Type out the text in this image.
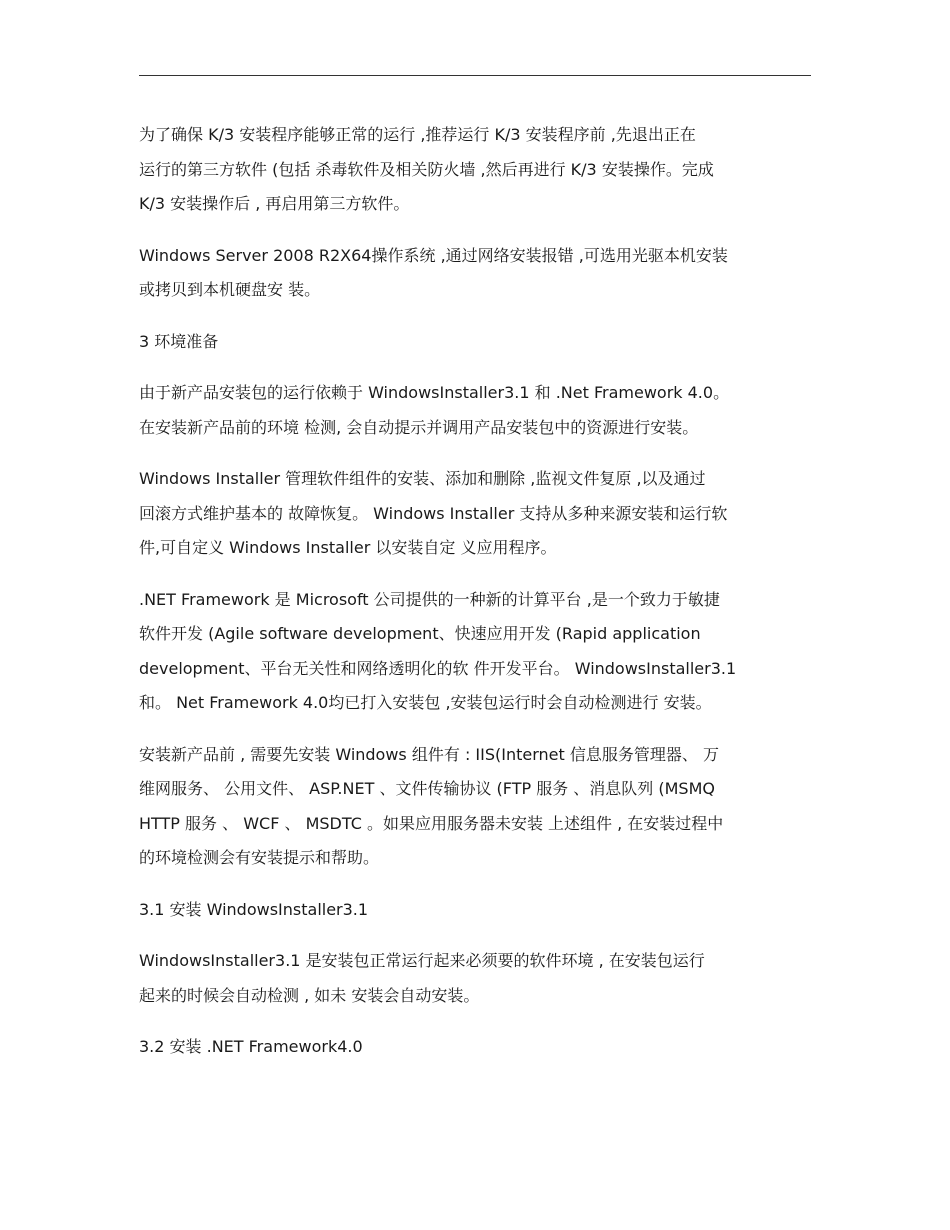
为了确保 K/3 安装程序能够正常的运行 ,推荐运行 K/3 安装程序前 ,先退出正在
运行的第三方软件 (包括 杀毒软件及相关防火墙 ,然后再进行 K/3 安装操作。完成
K/3 安装操作后 , 再启用第三方软件。

Windows Server 2008 R2X64操作系统 ,通过网络安装报错 ,可选用光驱本机安装
或拷贝到本机硬盘安 装。

3 环境准备

由于新产品安装包的运行依赖于 WindowsInstaller3.1 和 .Net Framework 4.0。
在安装新产品前的环境 检测, 会自动提示并调用产品安装包中的资源进行安装。

Windows Installer 管理软件组件的安装、添加和删除 ,监视文件复原 ,以及通过
回滚方式维护基本的 故障恢复。 Windows Installer 支持从多种来源安装和运行软
件,可自定义 Windows Installer 以安装自定 义应用程序。

.NET Framework 是 Microsoft 公司提供的一种新的计算平台 ,是一个致力于敏捷
软件开发 (Agile software development、快速应用开发 (Rapid application
development、平台无关性和网络透明化的软 件开发平台。 WindowsInstaller3.1
和。 Net Framework 4.0均已打入安装包 ,安装包运行时会自动检测进行 安装。

安装新产品前 , 需要先安装 Windows 组件有 : IIS(Internet 信息服务管理器、 万
维网服务、 公用文件、 ASP.NET 、文件传输协议 (FTP 服务 、消息队列 (MSMQ
HTTP 服务 、 WCF 、 MSDTC 。如果应用服务器未安装 上述组件 , 在安装过程中
的环境检测会有安装提示和帮助。

3.1 安装 WindowsInstaller3.1

WindowsInstaller3.1 是安装包正常运行起来必须要的软件环境 , 在安装包运行
起来的时候会自动检测 , 如未 安装会自动安装。

3.2 安装 .NET Framework4.0
